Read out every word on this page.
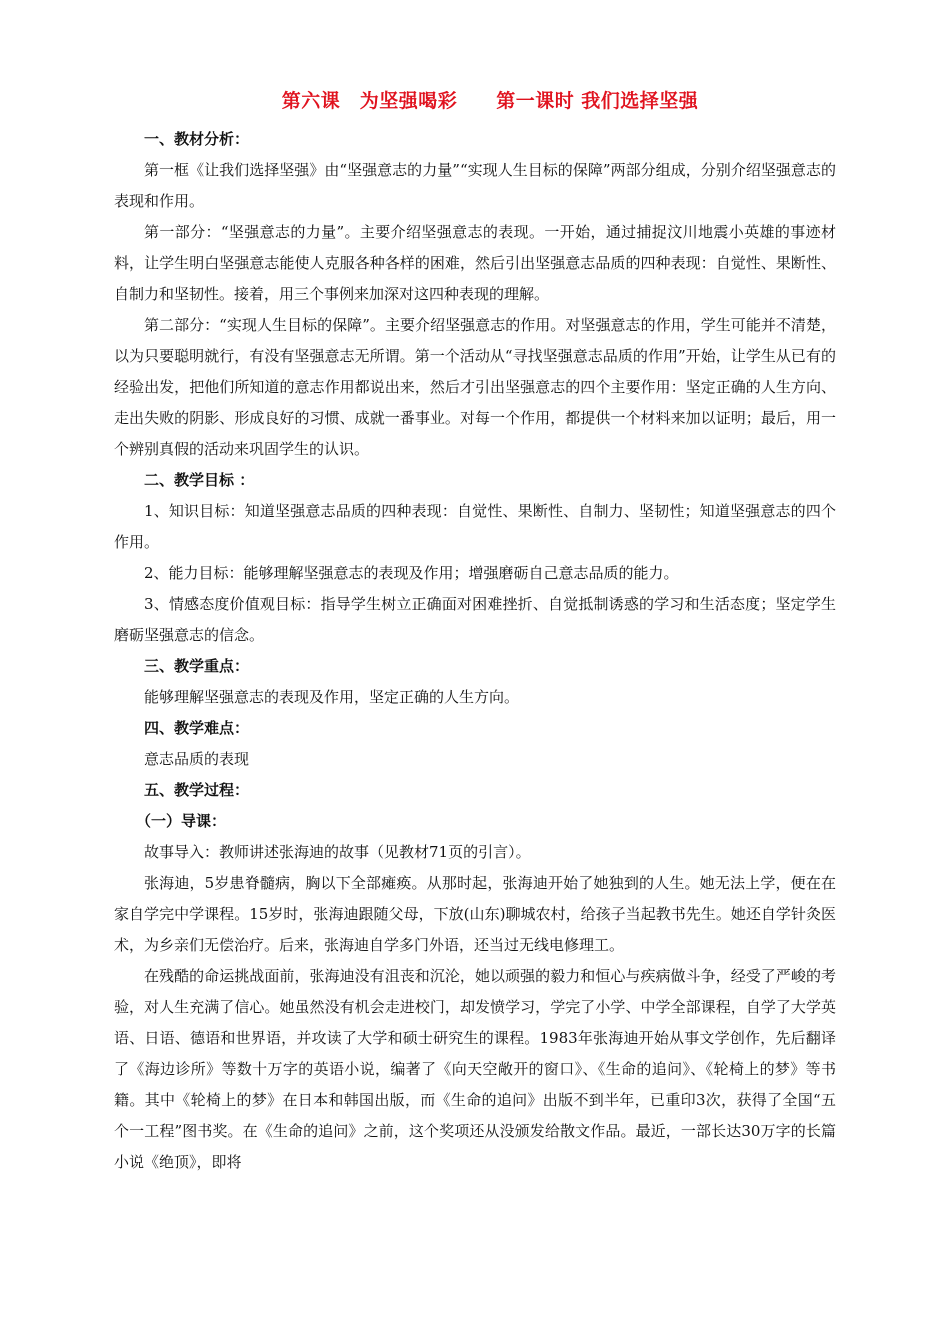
第六课　为坚强喝彩　　第一课时 我们选择坚强
一、教材分析：

第一框《让我们选择坚强》由“坚强意志的力量”“实现人生目标的保障”两部分组成，分别介绍坚强意志的表现和作用。

第一部分：“坚强意志的力量”。主要介绍坚强意志的表现。一开始，通过捕捉汶川地震小英雄的事迹材料，让学生明白坚强意志能使人克服各种各样的困难，然后引出坚强意志品质的四种表现：自觉性、果断性、自制力和坚韧性。接着，用三个事例来加深对这四种表现的理解。

第二部分：“实现人生目标的保障”。主要介绍坚强意志的作用。对坚强意志的作用，学生可能并不清楚，以为只要聪明就行，有没有坚强意志无所谓。第一个活动从“寻找坚强意志品质的作用”开始，让学生从已有的经验出发，把他们所知道的意志作用都说出来，然后才引出坚强意志的四个主要作用：坚定正确的人生方向、走出失败的阴影、形成良好的习惯、成就一番事业。对每一个作用，都提供一个材料来加以证明；最后，用一个辨别真假的活动来巩固学生的认识。

二、教学目标 ：

1、知识目标：知道坚强意志品质的四种表现：自觉性、果断性、自制力、坚韧性；知道坚强意志的四个作用。

2、能力目标：能够理解坚强意志的表现及作用；增强磨砺自己意志品质的能力。

3、情感态度价值观目标：指导学生树立正确面对困难挫折、自觉抵制诱惑的学习和生活态度；坚定学生磨砺坚强意志的信念。

三、教学重点：

能够理解坚强意志的表现及作用，坚定正确的人生方向。

四、教学难点：

意志品质的表现

五、教学过程：
（一）导课：

故事导入：教师讲述张海迪的故事（见教材71页的引言）。

张海迪，5岁患脊髓病，胸以下全部瘫痪。从那时起，张海迪开始了她独到的人生。她无法上学，便在在家自学完中学课程。15岁时，张海迪跟随父母，下放(山东)聊城农村，给孩子当起教书先生。她还自学针灸医术，为乡亲们无偿治疗。后来，张海迪自学多门外语，还当过无线电修理工。

在残酷的命运挑战面前，张海迪没有沮丧和沉沦，她以顽强的毅力和恒心与疾病做斗争，经受了严峻的考验，对人生充满了信心。她虽然没有机会走进校门，却发愤学习，学完了小学、中学全部课程，自学了大学英语、日语、德语和世界语，并攻读了大学和硕士研究生的课程。1983年张海迪开始从事文学创作，先后翻译了《海边诊所》等数十万字的英语小说，编著了《向天空敞开的窗口》、《生命的追问》、《轮椅上的梦》等书籍。其中《轮椅上的梦》在日本和韩国出版，而《生命的追问》出版不到半年，已重印3次，获得了全国“五个一工程”图书奖。在《生命的追问》之前，这个奖项还从没颁发给散文作品。最近，一部长达30万字的长篇小说《绝顶》，即将
